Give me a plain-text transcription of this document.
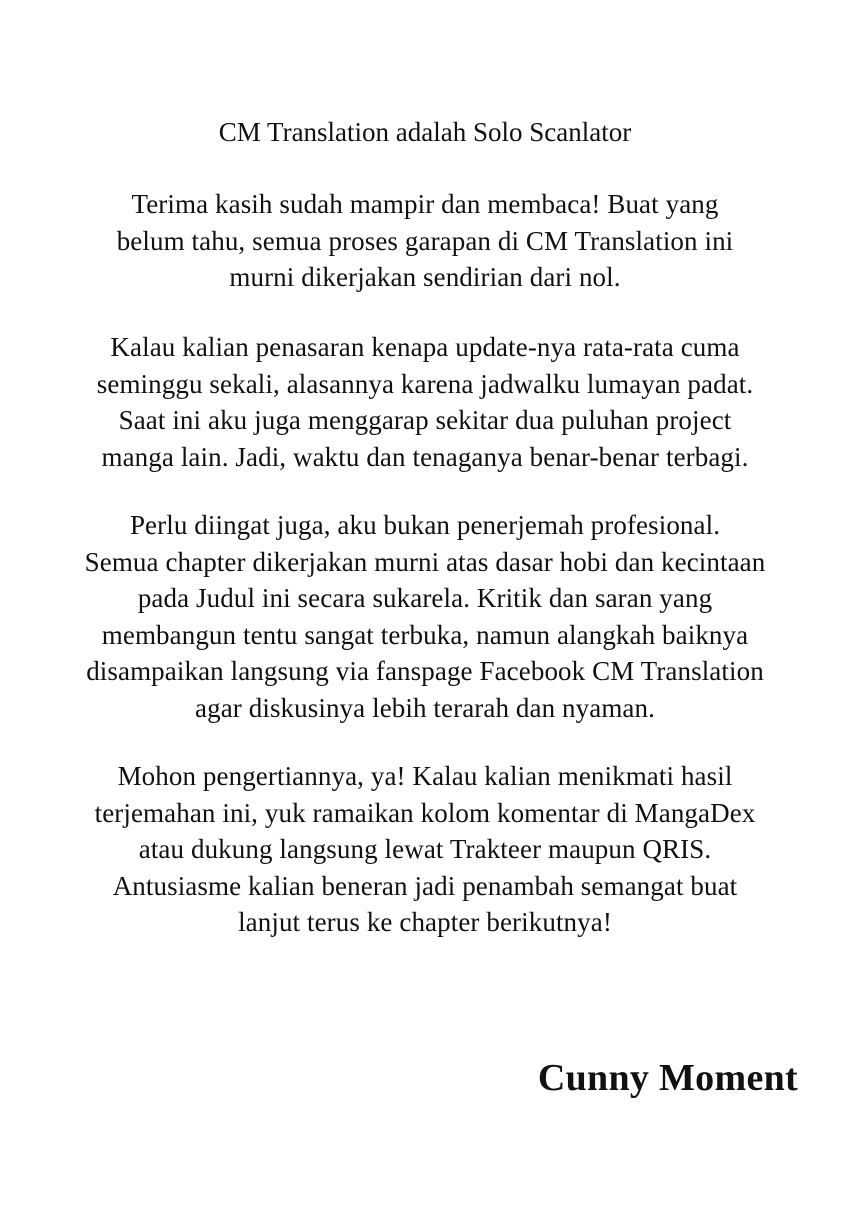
CM Translation adalah Solo Scanlator
Terima kasih sudah mampir dan membaca! Buat yang
belum tahu, semua proses garapan di CM Translation ini
murni dikerjakan sendirian dari nol.
Kalau kalian penasaran kenapa update-nya rata-rata cuma
seminggu sekali, alasannya karena jadwalku lumayan padat.
Saat ini aku juga menggarap sekitar dua puluhan project
manga lain. Jadi, waktu dan tenaganya benar-benar terbagi.
Perlu diingat juga, aku bukan penerjemah profesional.
Semua chapter dikerjakan murni atas dasar hobi dan kecintaan
pada Judul ini secara sukarela. Kritik dan saran yang
membangun tentu sangat terbuka, namun alangkah baiknya
disampaikan langsung via fanspage Facebook CM Translation
agar diskusinya lebih terarah dan nyaman.
Mohon pengertiannya, ya! Kalau kalian menikmati hasil
terjemahan ini, yuk ramaikan kolom komentar di MangaDex
atau dukung langsung lewat Trakteer maupun QRIS.
Antusiasme kalian beneran jadi penambah semangat buat
lanjut terus ke chapter berikutnya!
Cunny Moment
